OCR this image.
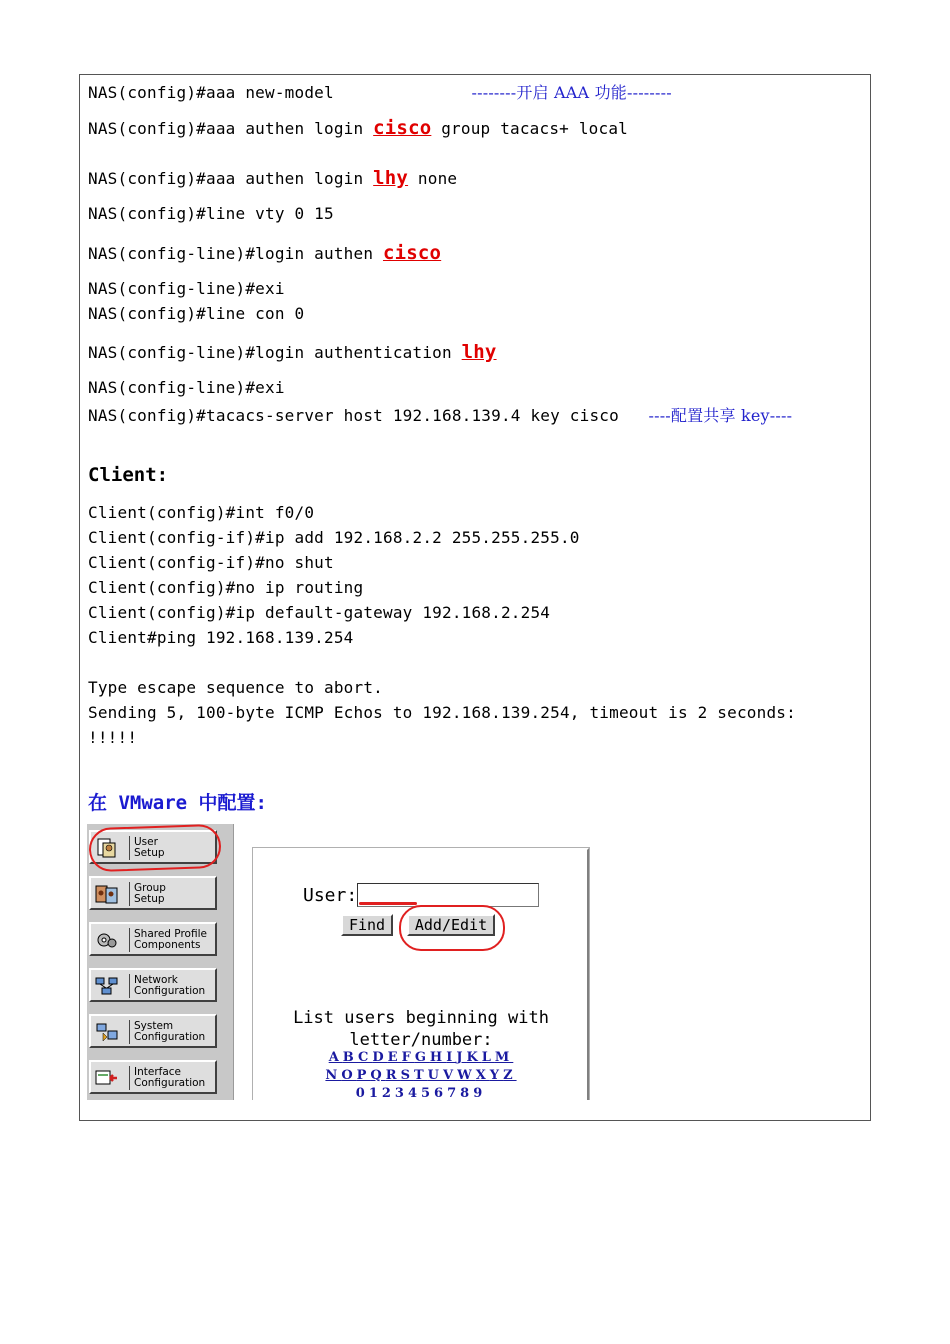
NAS(config)#aaa new-model	--------开启 AAA 功能--------
NAS(config)#aaa authen login cisco group tacacs+ local
NAS(config)#aaa authen login lhy none
NAS(config)#line vty 0 15
NAS(config-line)#login authen cisco
NAS(config-line)#exi
NAS(config)#line con 0
NAS(config-line)#login authentication lhy
NAS(config-line)#exi
NAS(config)#tacacs-server host 192.168.139.4 key cisco ----配置共享 key----
Client:
Client(config)#int f0/0
Client(config-if)#ip add 192.168.2.2 255.255.255.0
Client(config-if)#no shut
Client(config)#no ip routing
Client(config)#ip default-gateway 192.168.2.254
Client#ping 192.168.139.254
Type escape sequence to abort.
Sending 5, 100-byte ICMP Echos to 192.168.139.254, timeout is 2 seconds:
!!!!!
在 VMware 中配置:
User
Setup
Group
Setup
Shared Profile
Components
Network
Configuration
System
Configuration
Interface
Configuration
User:
Find	Add/Edit
List users beginning with
letter/number:
ABCDEFGHIJKLM
NOPQRSTUVWXYZ
0123456789
